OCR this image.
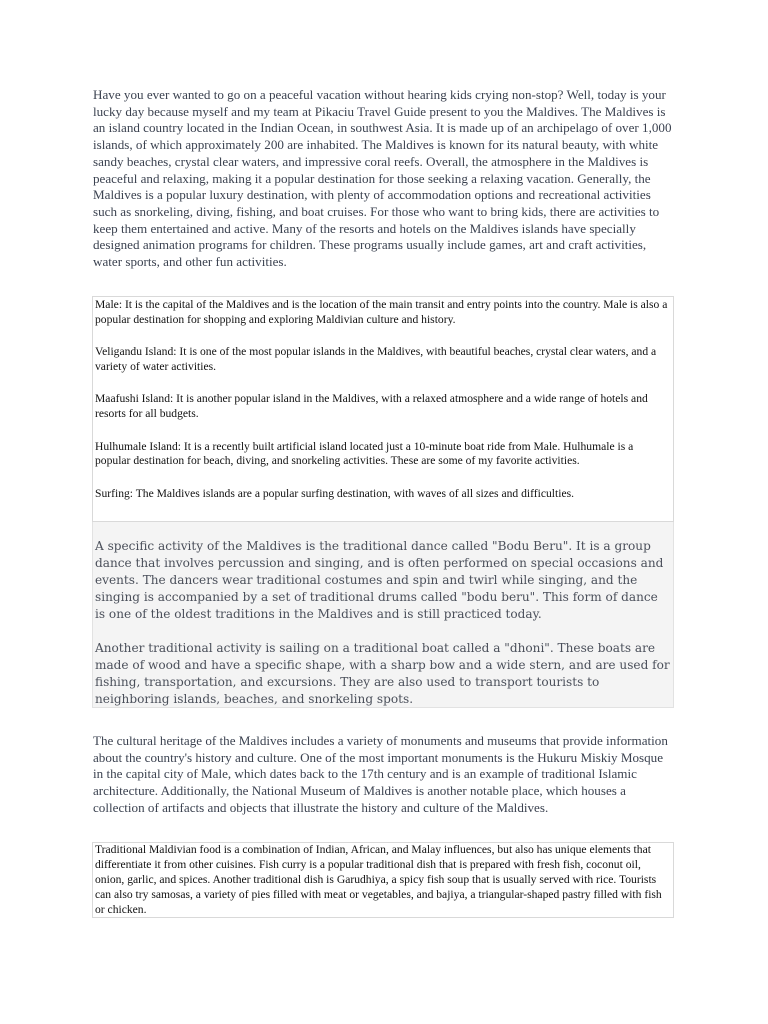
Have you ever wanted to go on a peaceful vacation without hearing kids crying non-stop? Well, today is your lucky day because myself and my team at Pikaciu Travel Guide present to you the Maldives. The Maldives is an island country located in the Indian Ocean, in southwest Asia. It is made up of an archipelago of over 1,000 islands, of which approximately 200 are inhabited. The Maldives is known for its natural beauty, with white sandy beaches, crystal clear waters, and impressive coral reefs. Overall, the atmosphere in the Maldives is peaceful and relaxing, making it a popular destination for those seeking a relaxing vacation. Generally, the Maldives is a popular luxury destination, with plenty of accommodation options and recreational activities such as snorkeling, diving, fishing, and boat cruises. For those who want to bring kids, there are activities to keep them entertained and active. Many of the resorts and hotels on the Maldives islands have specially designed animation programs for children. These programs usually include games, art and craft activities, water sports, and other fun activities.

Male: It is the capital of the Maldives and is the location of the main transit and entry points into the country. Male is also a popular destination for shopping and exploring Maldivian culture and history.

Veligandu Island: It is one of the most popular islands in the Maldives, with beautiful beaches, crystal clear waters, and a variety of water activities.

Maafushi Island: It is another popular island in the Maldives, with a relaxed atmosphere and a wide range of hotels and resorts for all budgets.

Hulhumale Island: It is a recently built artificial island located just a 10-minute boat ride from Male. Hulhumale is a popular destination for beach, diving, and snorkeling activities. These are some of my favorite activities.

Surfing: The Maldives islands are a popular surfing destination, with waves of all sizes and difficulties.

A specific activity of the Maldives is the traditional dance called "Bodu Beru". It is a group dance that involves percussion and singing, and is often performed on special occasions and events. The dancers wear traditional costumes and spin and twirl while singing, and the singing is accompanied by a set of traditional drums called "bodu beru". This form of dance is one of the oldest traditions in the Maldives and is still practiced today.

Another traditional activity is sailing on a traditional boat called a "dhoni". These boats are made of wood and have a specific shape, with a sharp bow and a wide stern, and are used for fishing, transportation, and excursions. They are also used to transport tourists to neighboring islands, beaches, and snorkeling spots.

The cultural heritage of the Maldives includes a variety of monuments and museums that provide information about the country's history and culture. One of the most important monuments is the Hukuru Miskiy Mosque in the capital city of Male, which dates back to the 17th century and is an example of traditional Islamic architecture. Additionally, the National Museum of Maldives is another notable place, which houses a collection of artifacts and objects that illustrate the history and culture of the Maldives.

Traditional Maldivian food is a combination of Indian, African, and Malay influences, but also has unique elements that differentiate it from other cuisines. Fish curry is a popular traditional dish that is prepared with fresh fish, coconut oil, onion, garlic, and spices. Another traditional dish is Garudhiya, a spicy fish soup that is usually served with rice. Tourists can also try samosas, a variety of pies filled with meat or vegetables, and bajiya, a triangular-shaped pastry filled with fish or chicken.
